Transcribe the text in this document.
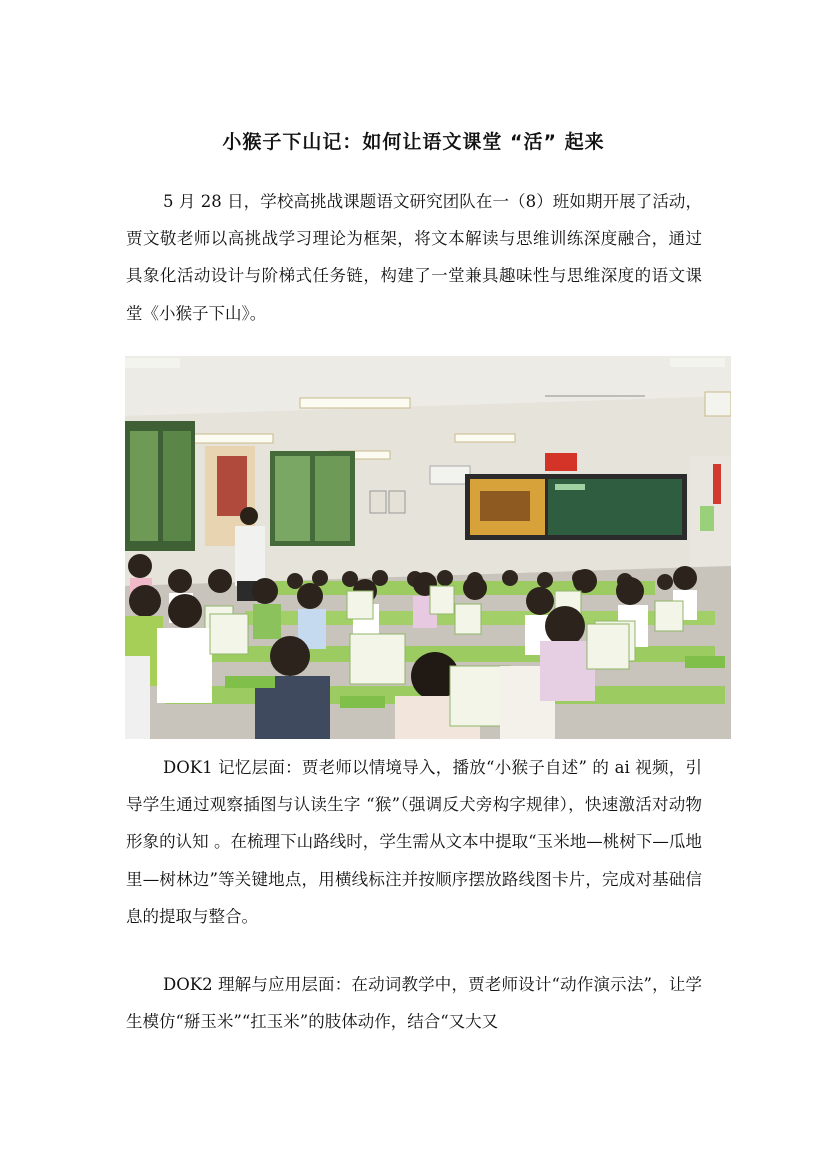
小猴子下山记：如何让语文课堂 “活” 起来

5 月 28 日，学校高挑战课题语文研究团队在一（8）班如期开展了活动，贾文敬老师以高挑战学习理论为框架，将文本解读与思维训练深度融合，通过具象化活动设计与阶梯式任务链，构建了一堂兼具趣味性与思维深度的语文课堂《小猴子下山》。

DOK1 记忆层面：贾老师以情境导入，播放“小猴子自述” 的 ai 视频，引导学生通过观察插图与认读生字 “猴”（强调反犬旁构字规律），快速激活对动物形象的认知 。在梳理下山路线时，学生需从文本中提取“玉米地—桃树下—瓜地里—树林边”等关键地点，用横线标注并按顺序摆放路线图卡片，完成对基础信息的提取与整合。

DOK2 理解与应用层面：在动词教学中，贾老师设计“动作演示法”，让学生模仿“掰玉米”“扛玉米”的肢体动作，结合“又大又
